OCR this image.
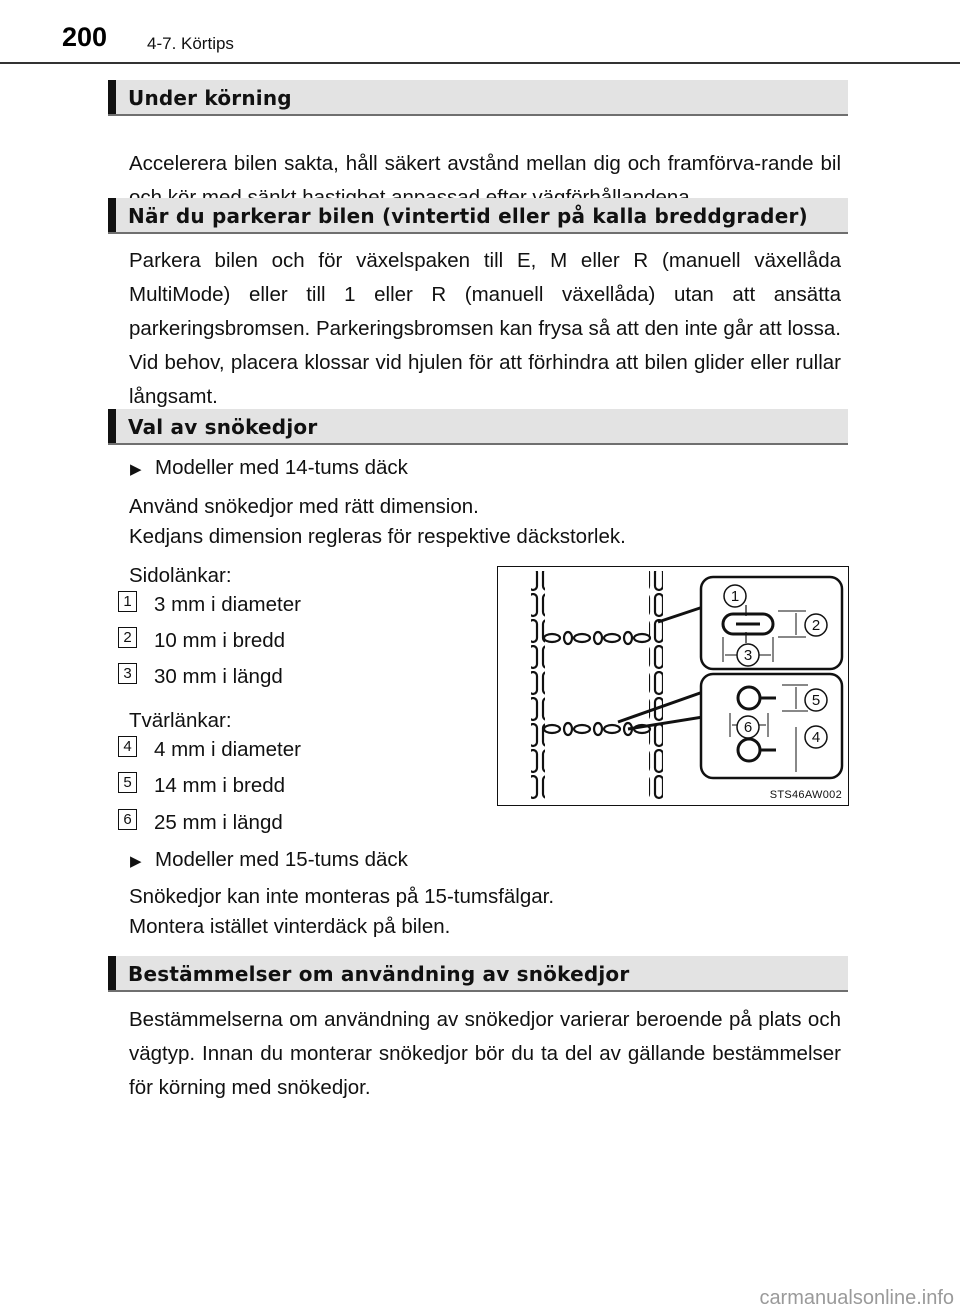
200 4-7. Körtips
Under körning
Accelerera bilen sakta, håll säkert avstånd mellan dig och framförva-rande bil
När du parkerar bilen (vintertid eller på kalla breddgrader)
Parkera bilen och för växelspaken till E, M eller R (manuell växellåda MultiMode) eller till 1 eller R (manuell växellåda) utan att ansätta parkeringsbromsen. Parkeringsbromsen kan frysa så att den inte går att lossa. Vid behov, placera klossar vid hjulen för att förhindra att bilen glider eller rullar långsamt.
Val av snökedjor
▶ Modeller med 14-tums däck
Använd snökedjor med rätt dimension.
Kedjans dimension regleras för respektive däckstorlek.
Sidolänkar:
1 3 mm i diameter
2 10 mm i bredd
3 30 mm i längd
Tvärlänkar:
4 4 mm i diameter
5 14 mm i bredd
6 25 mm i längd
▶ Modeller med 15-tums däck
Snökedjor kan inte monteras på 15-tumsfälgar.
Montera istället vinterdäck på bilen.
1
2
3
5
6
4
STS46AW002
Bestämmelser om användning av snökedjor
Bestämmelserna om användning av snökedjor varierar beroende på plats och vägtyp. Innan du monterar snökedjor bör du ta del av gällande bestämmelser för körning med snökedjor.
carmanualsonline.info
